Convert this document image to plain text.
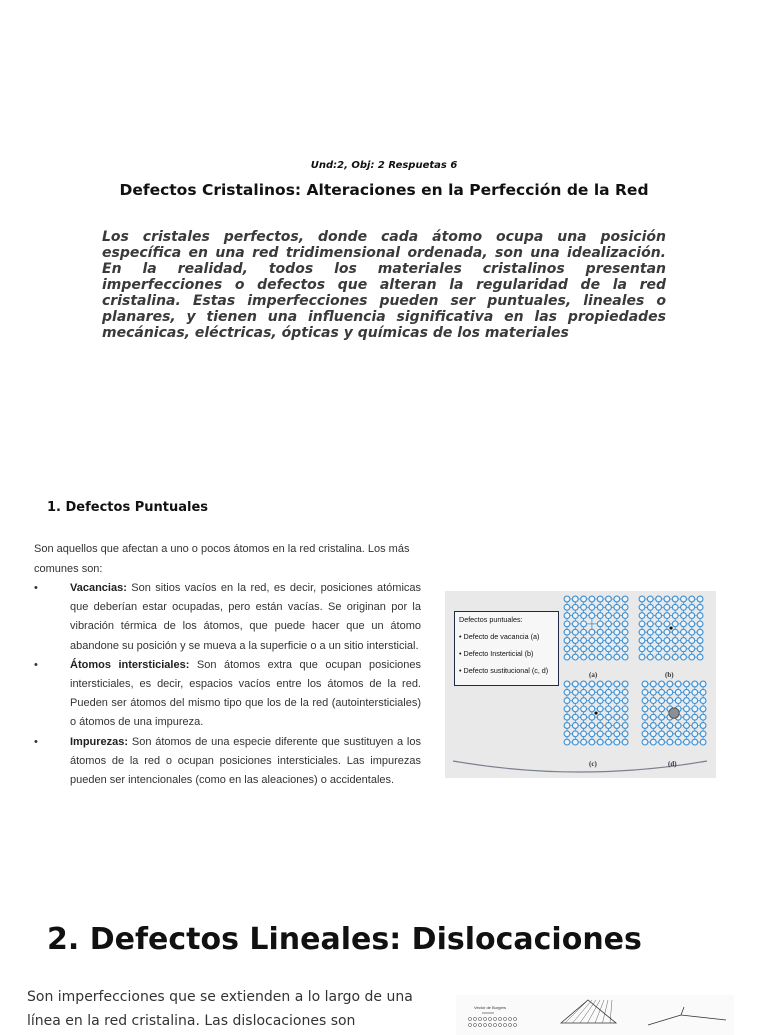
Und:2, Obj: 2 Respuetas 6
Defectos Cristalinos: Alteraciones en la Perfección de la Red

Los cristales perfectos, donde cada átomo ocupa una posición específica en una red tridimensional ordenada, son una idealización. En la realidad, todos los materiales cristalinos presentan imperfecciones o defectos que alteran la regularidad de la red cristalina. Estas imperfecciones pueden ser puntuales, lineales o planares, y tienen una influencia significativa en las propiedades mecánicas, eléctricas, ópticas y químicas de los materiales

1. Defectos Puntuales

Son aquellos que afectan a uno o pocos átomos en la red cristalina. Los más comunes son:

•	Vacancias: Son sitios vacíos en la red, es decir, posiciones atómicas que deberían estar ocupadas, pero están vacías. Se originan por la vibración térmica de los átomos, que puede hacer que un átomo abandone su posición y se mueva a la superficie o a un sitio intersticial.
•	Átomos intersticiales: Son átomos extra que ocupan posiciones intersticiales, es decir, espacios vacíos entre los átomos de la red. Pueden ser átomos del mismo tipo que los de la red (autointersticiales) o átomos de una impureza.
•	Impurezas: Son átomos de una especie diferente que sustituyen a los átomos de la red o ocupan posiciones intersticiales. Las impurezas pueden ser intencionales (como en las aleaciones) o accidentales.
Defectos puntuales:
• Defecto de vacancia (a)
• Defecto Insterticial (b)
• Defecto sustitucional (c, d)	(a)	(b)
(c)	(d)
2. Defectos Lineales: Dislocaciones

Son imperfecciones que se extienden a lo largo de una línea en la red cristalina. Las dislocaciones son

Vector de Burgers
